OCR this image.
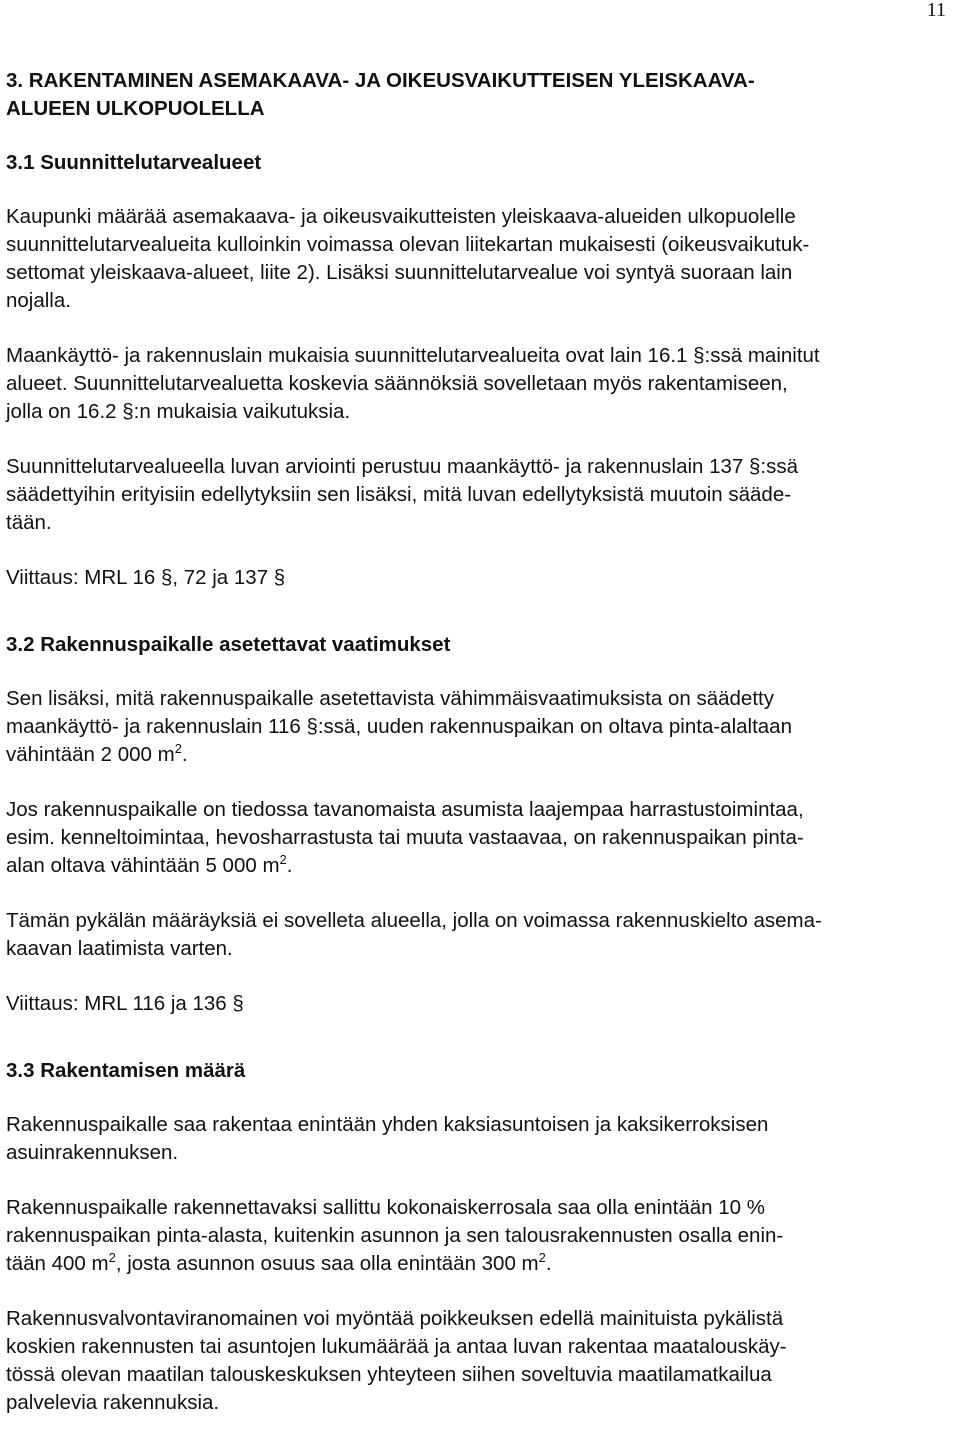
11
3. RAKENTAMINEN ASEMAKAAVA- JA OIKEUSVAIKUTTEISEN YLEISKAAVA-
ALUEEN ULKOPUOLELLA
3.1 Suunnittelutarvealueet

Kaupunki määrää asemakaava- ja oikeusvaikutteisten yleiskaava-alueiden ulkopuolelle
suunnittelutarvealueita kulloinkin voimassa olevan liitekartan mukaisesti (oikeusvaikutuk-
settomat yleiskaava-alueet, liite 2). Lisäksi suunnittelutarvealue voi syntyä suoraan lain
nojalla.

Maankäyttö- ja rakennuslain mukaisia suunnittelutarvealueita ovat lain 16.1 §:ssä mainitut
alueet. Suunnittelutarvealuetta koskevia säännöksiä sovelletaan myös rakentamiseen,
jolla on 16.2 §:n mukaisia vaikutuksia.

Suunnittelutarvealueella luvan arviointi perustuu maankäyttö- ja rakennuslain 137 §:ssä
säädettyihin erityisiin edellytyksiin sen lisäksi, mitä luvan edellytyksistä muutoin sääde-
tään.

Viittaus: MRL 16 §, 72 ja 137 §

3.2 Rakennuspaikalle asetettavat vaatimukset

Sen lisäksi, mitä rakennuspaikalle asetettavista vähimmäisvaatimuksista on säädetty
maankäyttö- ja rakennuslain 116 §:ssä, uuden rakennuspaikan on oltava pinta-alaltaan
vähintään 2 000 $m^2$.

Jos rakennuspaikalle on tiedossa tavanomaista asumista laajempaa harrastustoimintaa,
esim. kenneltoimintaa, hevosharrastusta tai muuta vastaavaa, on rakennuspaikan pinta-
alan oltava vähintään 5 000 $m^2$.

Tämän pykälän määräyksiä ei sovelleta alueella, jolla on voimassa rakennuskielto asema-
kaavan laatimista varten.

Viittaus: MRL 116 ja 136 §

3.3 Rakentamisen määrä

Rakennuspaikalle saa rakentaa enintään yhden kaksiasuntoisen ja kaksikerroksisen
asuinrakennuksen.

Rakennuspaikalle rakennettavaksi sallittu kokonaiskerrosala saa olla enintään 10 %
rakennuspaikan pinta-alasta, kuitenkin asunnon ja sen talousrakennusten osalla enin-
tään 400 $m^2$, josta asunnon osuus saa olla enintään 300 $m^2$.

Rakennusvalvontaviranomainen voi myöntää poikkeuksen edellä mainituista pykälistä
koskien rakennusten tai asuntojen lukumäärää ja antaa luvan rakentaa maatalouskäy-
tössä olevan maatilan talouskeskuksen yhteyteen siihen soveltuvia maatilamatkailua
palvelevia rakennuksia.
